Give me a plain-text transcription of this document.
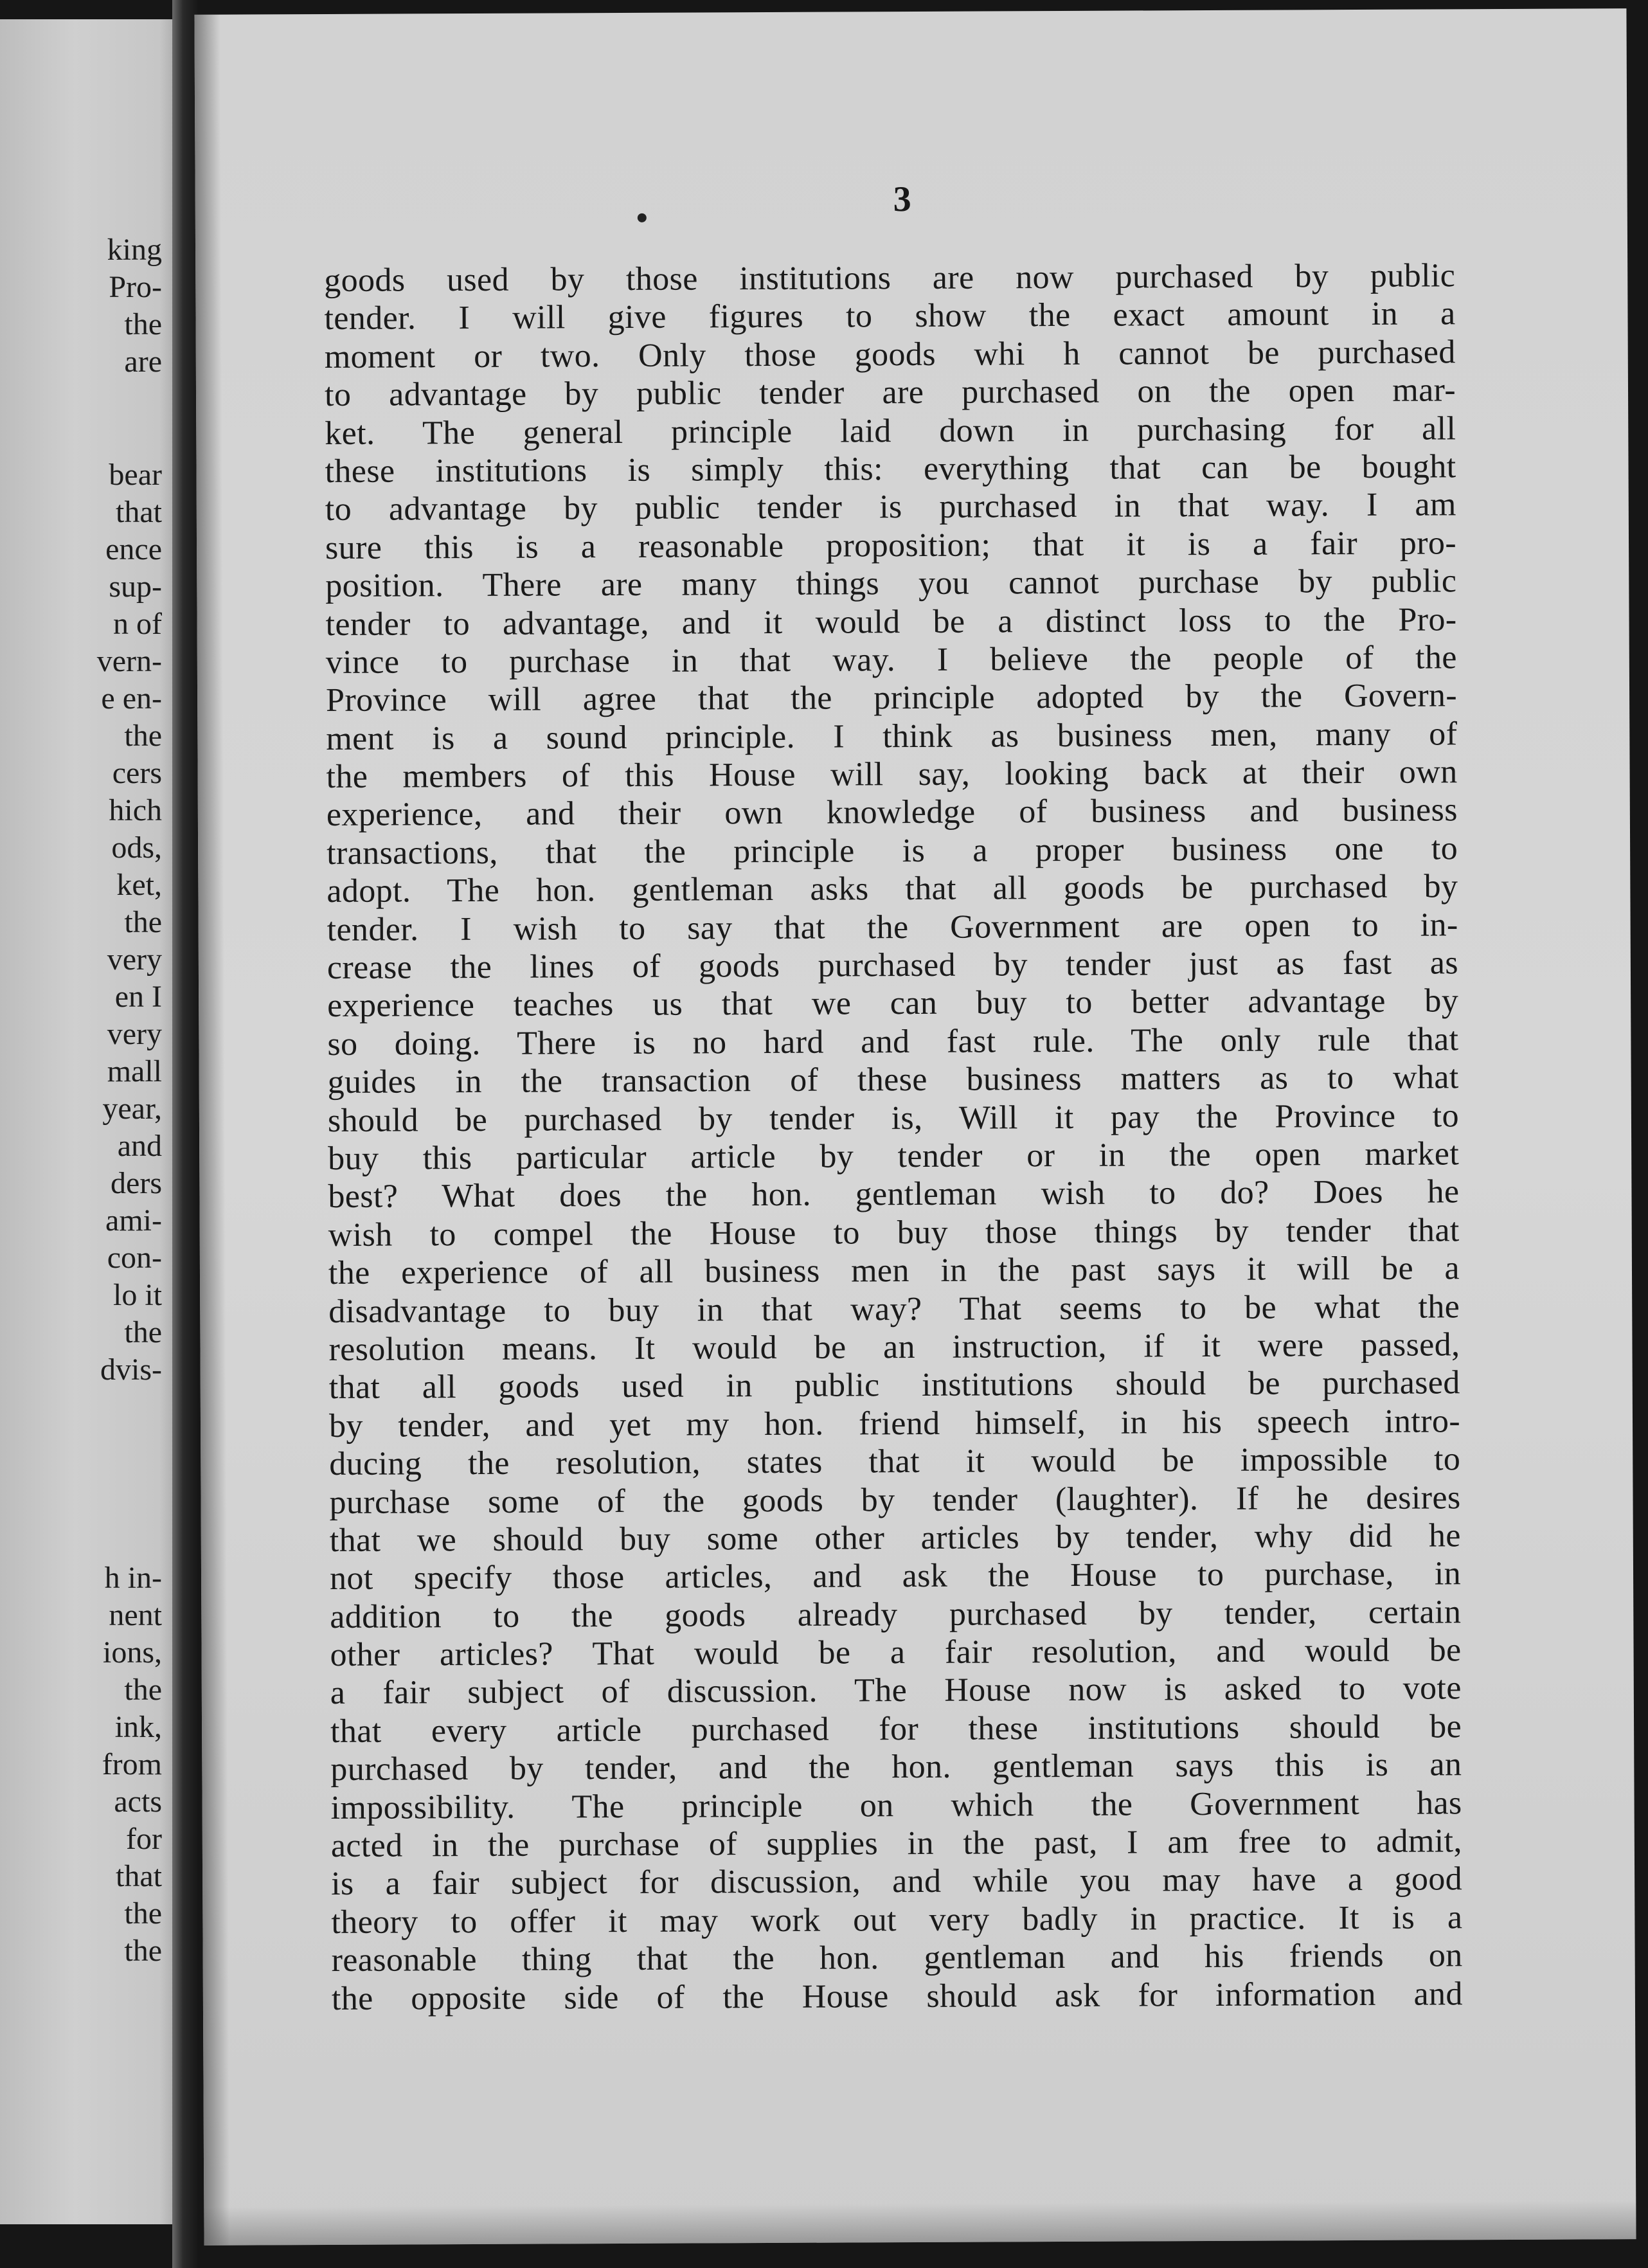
king
Pro-
the
are
bear
that
ence
sup-
n of
vern-
e en-
the
cers
hich
ods,
ket,
the
very
en I
very
mall
year,
and
ders
ami-
con-
lo it
the
dvis-
h in-
nent
ions,
the
ink,
from
acts
for
that
the
the
3
goods used by those institutions are now purchased by public
tender. I will give figures to show the exact amount in a
moment or two. Only those goods whi h cannot be purchased
to advantage by public tender are purchased on the open mar-
ket. The general principle laid down in purchasing for all
these institutions is simply this: everything that can be bought
to advantage by public tender is purchased in that way. I am
sure this is a reasonable proposition; that it is a fair pro-
position. There are many things you cannot purchase by public
tender to advantage, and it would be a distinct loss to the Pro-
vince to purchase in that way. I believe the people of the
Province will agree that the principle adopted by the Govern-
ment is a sound principle. I think as business men, many of
the members of this House will say, looking back at their own
experience, and their own knowledge of business and business
transactions, that the principle is a proper business one to
adopt. The hon. gentleman asks that all goods be purchased by
tender. I wish to say that the Government are open to in-
crease the lines of goods purchased by tender just as fast as
experience teaches us that we can buy to better advantage by
so doing. There is no hard and fast rule. The only rule that
guides in the transaction of these business matters as to what
should be purchased by tender is, Will it pay the Province to
buy this particular article by tender or in the open market
best? What does the hon. gentleman wish to do? Does he
wish to compel the House to buy those things by tender that
the experience of all business men in the past says it will be a
disadvantage to buy in that way? That seems to be what the
resolution means. It would be an instruction, if it were passed,
that all goods used in public institutions should be purchased
by tender, and yet my hon. friend himself, in his speech intro-
ducing the resolution, states that it would be impossible to
purchase some of the goods by tender (laughter). If he desires
that we should buy some other articles by tender, why did he
not specify those articles, and ask the House to purchase, in
addition to the goods already purchased by tender, certain
other articles? That would be a fair resolution, and would be
a fair subject of discussion. The House now is asked to vote
that every article purchased for these institutions should be
purchased by tender, and the hon. gentleman says this is an
impossibility. The principle on which the Government has
acted in the purchase of supplies in the past, I am free to admit,
is a fair subject for discussion, and while you may have a good
theory to offer it may work out very badly in practice. It is a
reasonable thing that the hon. gentleman and his friends on
the opposite side of the House should ask for information and
